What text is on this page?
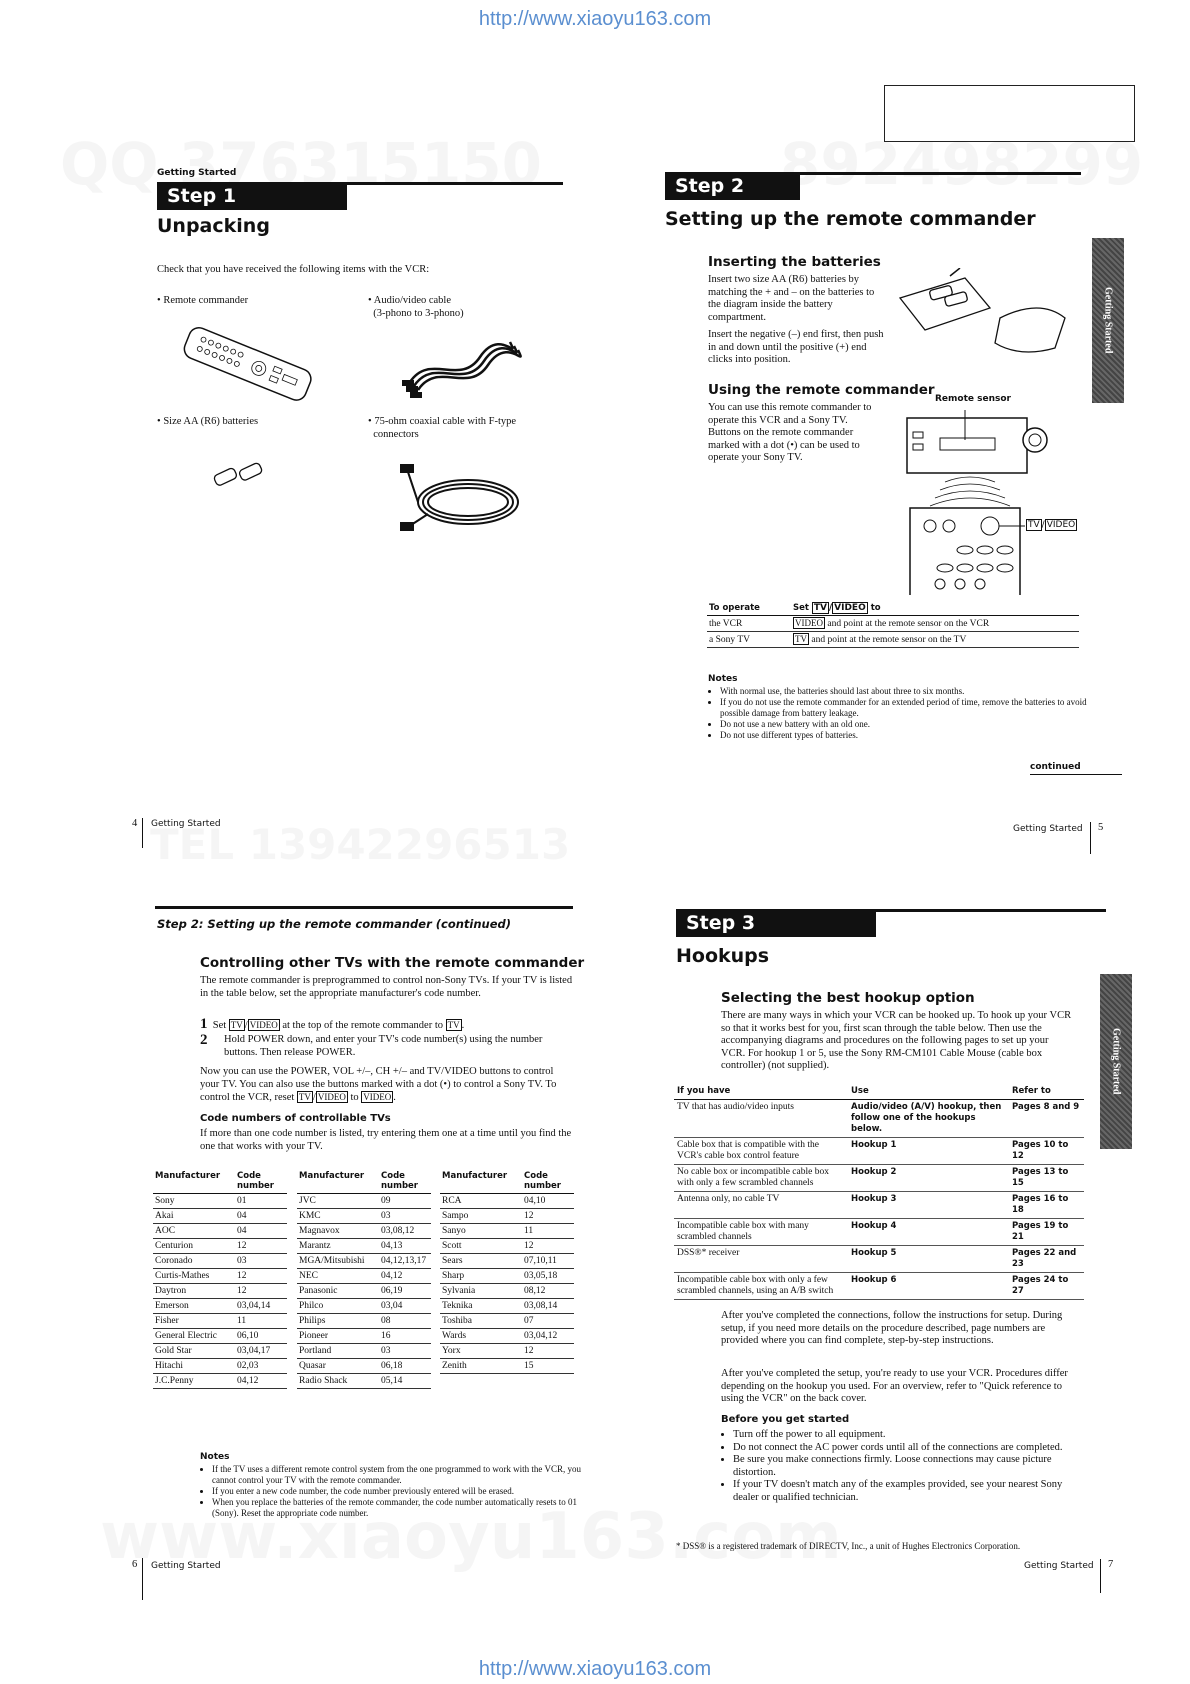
http://www.xiaoyu163.com
http://www.xiaoyu163.com
Getting Started
Step 1
Unpacking
Check that you have received the following items with the VCR:
• Remote commander	• Audio/video cable
(3-phono to 3-phono)
• Size AA (R6) batteries	• 75-ohm coaxial cable with F-type
connectors
4 Getting Started
Step 2
Setting up the remote commander
Getting Started
Inserting the batteries
Insert two size AA (R6) batteries by matching the + and – on the batteries to the diagram inside the battery compartment.
Insert the negative (–) end first, then push in and down until the positive (+) end clicks into position.
Using the remote commander
You can use this remote commander to operate this VCR and a Sony TV. Buttons on the remote commander marked with a dot (•) can be used to operate your Sony TV.
Remote sensor
TV / VIDEO
To operate	Set TV / VIDEO to
the VCR	VIDEO and point at the remote sensor on the VCR
a Sony TV	TV and point at the remote sensor on the TV
Notes
• With normal use, the batteries should last about three to six months.
• If you do not use the remote commander for an extended period of time, remove the batteries to avoid possible damage from battery leakage.
• Do not use a new battery with an old one.
• Do not use different types of batteries.
continued
Getting Started 5
Step 2: Setting up the remote commander (continued)
Controlling other TVs with the remote commander
The remote commander is preprogrammed to control non-Sony TVs. If your TV is listed in the table below, set the appropriate manufacturer's code number.
1 Set TV / VIDEO at the top of the remote commander to TV .
2	Hold POWER down, and enter your TV's code number(s) using the number buttons. Then release POWER.
Now you can use the POWER, VOL +/–, CH +/– and TV/VIDEO buttons to control your TV. You can also use the buttons marked with a dot (•) to control a Sony TV. To control the VCR, reset TV / VIDEO to VIDEO .
Code numbers of controllable TVs
If more than one code number is listed, try entering them one at a time until you find the one that works with your TV.
Manufacturer	Code number
Sony	01
Akai	04
AOC	04
Centurion	12
Coronado	03
Curtis-Mathes	12
Daytron	12
Emerson	03,04,14
Fisher	11
General Electric	06,10
Gold Star	03,04,17
Hitachi	02,03
J.C.Penny	04,12
Manufacturer	Code number
JVC	09
KMC	03
Magnavox	03,08,12
Marantz	04,13
MGA/Mitsubishi	04,12,13,17
NEC	04,12
Panasonic	06,19
Philco	03,04
Philips	08
Pioneer	16
Portland	03
Quasar	06,18
Radio Shack	05,14
Manufacturer	Code number
RCA	04,10
Sampo	12
Sanyo	11
Scott	12
Sears	07,10,11
Sharp	03,05,18
Sylvania	08,12
Teknika	03,08,14
Toshiba	07
Wards	03,04,12
Yorx	12
Zenith	15
Notes
• If the TV uses a different remote control system from the one programmed to work with the VCR, you cannot control your TV with the remote commander.
• If you enter a new code number, the code number previously entered will be erased.
• When you replace the batteries of the remote commander, the code number automatically resets to 01 (Sony). Reset the appropriate code number.
6 Getting Started
Step 3
Hookups
Getting Started
Selecting the best hookup option
There are many ways in which your VCR can be hooked up. To hook up your VCR so that it works best for you, first scan through the table below. Then use the accompanying diagrams and procedures on the following pages to set up your VCR. For hookup 1 or 5, use the Sony RM-CM101 Cable Mouse (cable box controller) (not supplied).
If you have	Use	Refer to
TV that has audio/video inputs	Audio/video (A/V) hookup, then follow one of the hookups below.	Pages 8 and 9
Cable box that is compatible with the VCR's cable box control feature	Hookup 1	Pages 10 to 12
No cable box or incompatible cable box with only a few scrambled channels	Hookup 2	Pages 13 to 15
Antenna only, no cable TV	Hookup 3	Pages 16 to 18
Incompatible cable box with many scrambled channels	Hookup 4	Pages 19 to 21
DSS®* receiver	Hookup 5	Pages 22 and 23
Incompatible cable box with only a few scrambled channels, using an A/B switch	Hookup 6	Pages 24 to 27
After you've completed the connections, follow the instructions for setup. During setup, if you need more details on the procedure described, page numbers are provided where you can find complete, step-by-step instructions.
After you've completed the setup, you're ready to use your VCR. Procedures differ depending on the hookup you used. For an overview, refer to "Quick reference to using the VCR" on the back cover.
Before you get started
• Turn off the power to all equipment.
• Do not connect the AC power cords until all of the connections are completed.
• Be sure you make connections firmly. Loose connections may cause picture distortion.
• If your TV doesn't match any of the examples provided, see your nearest Sony dealer or qualified technician.
* DSS® is a registered trademark of DIRECTV, Inc., a unit of Hughes Electronics Corporation.
Getting Started 7
